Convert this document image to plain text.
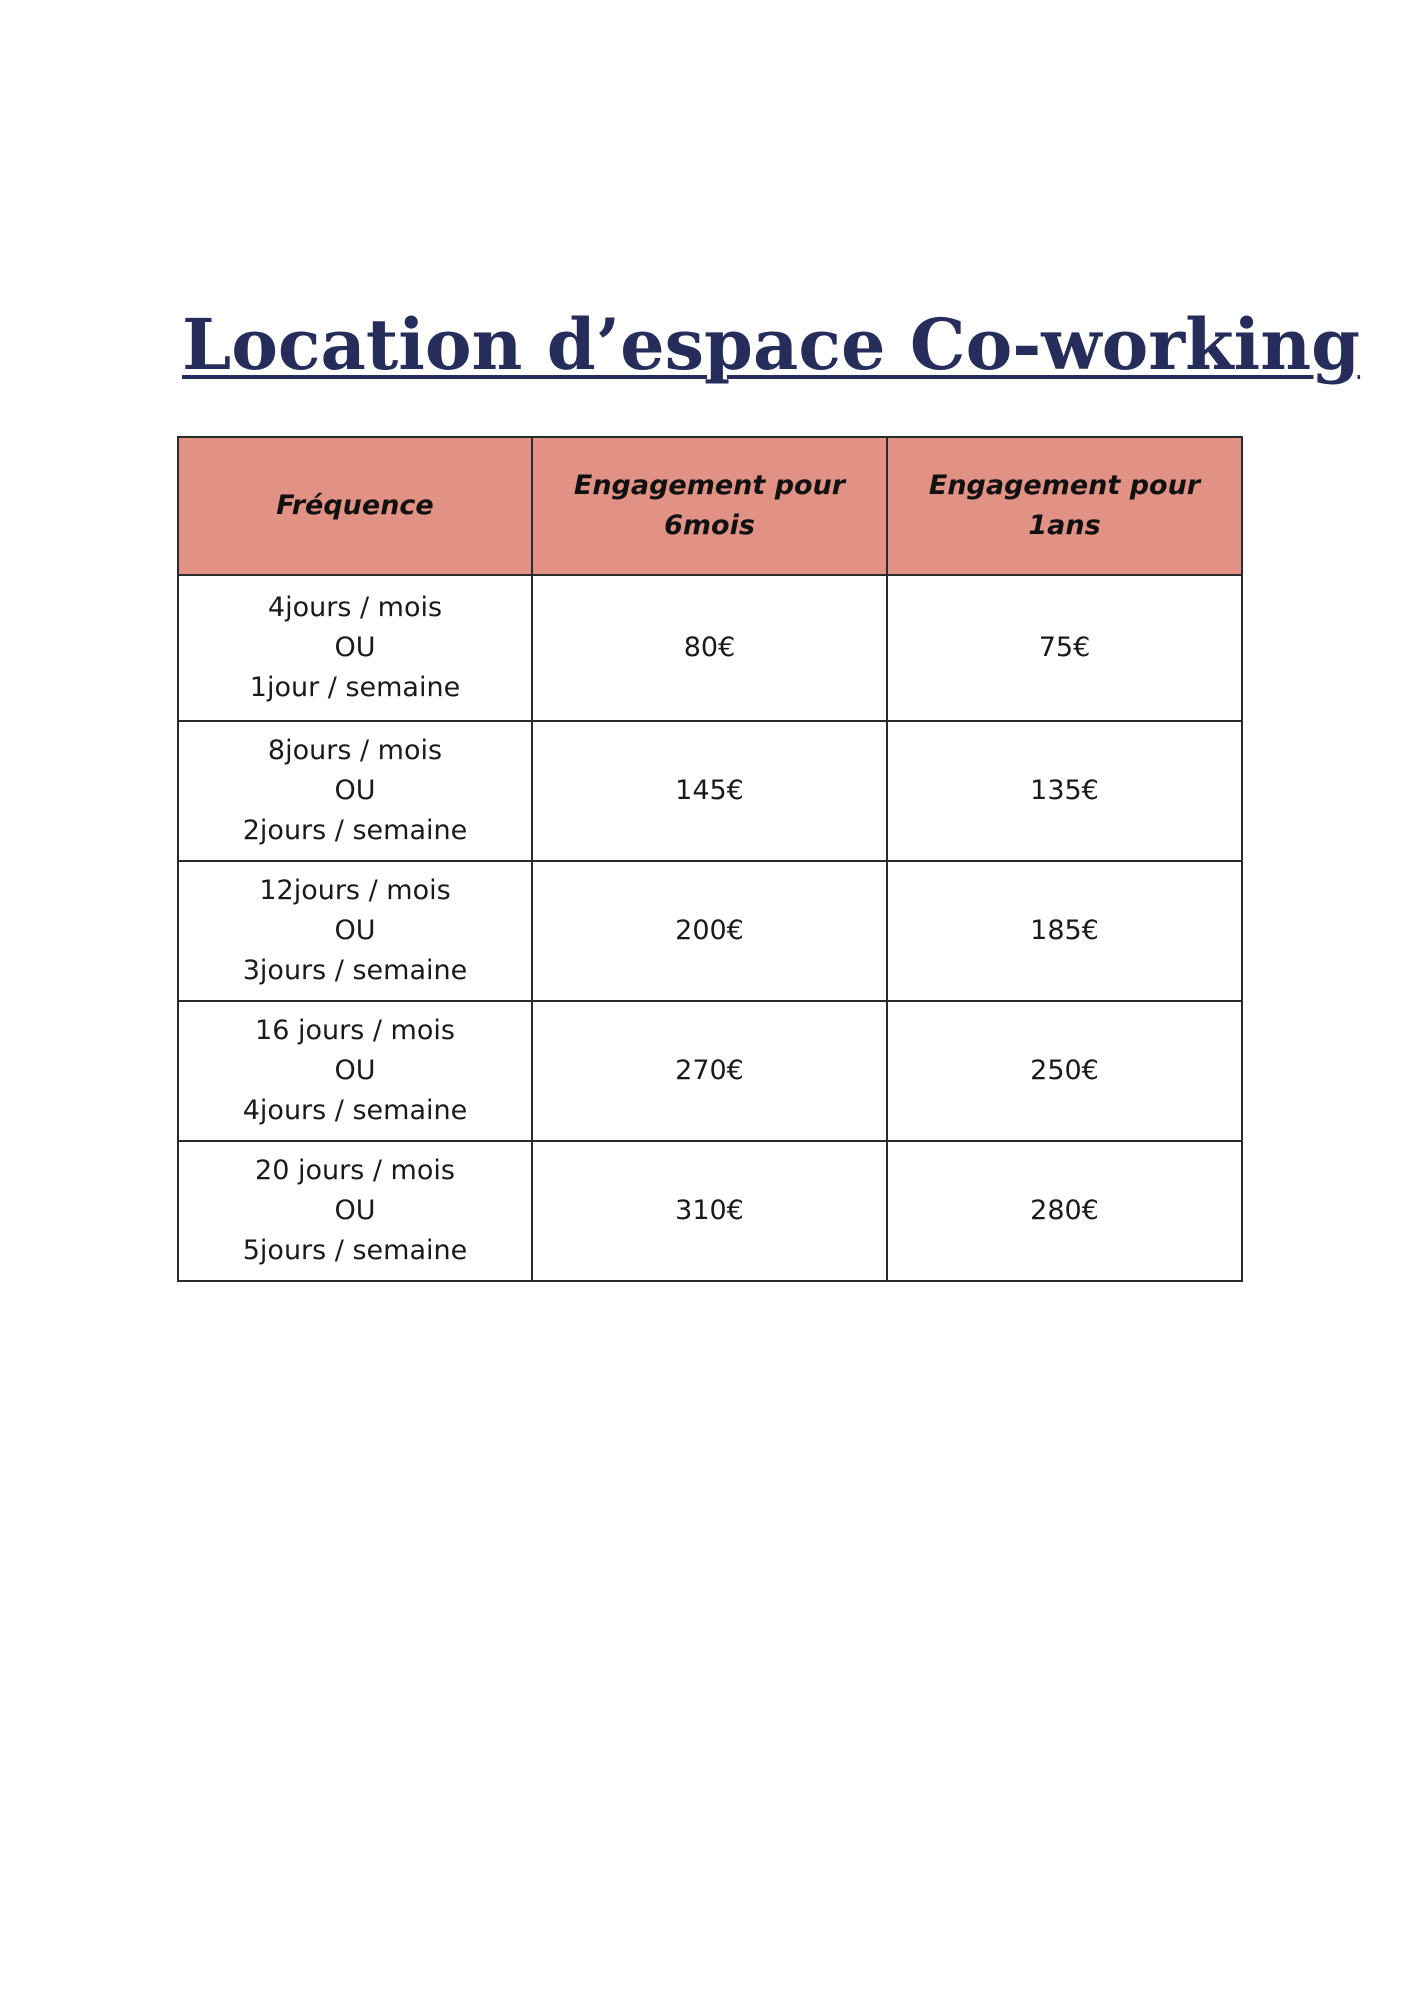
Location d’espace Co-working
Fréquence	Engagement pour 6mois	Engagement pour 1ans

4jours / mois
OU
1jour / semaine	80€	75€

8jours / mois
OU
2jours / semaine	145€	135€

12jours / mois
OU
3jours / semaine	200€	185€

16 jours / mois
OU
4jours / semaine	270€	250€

20 jours / mois
OU
5jours / semaine	310€	280€
